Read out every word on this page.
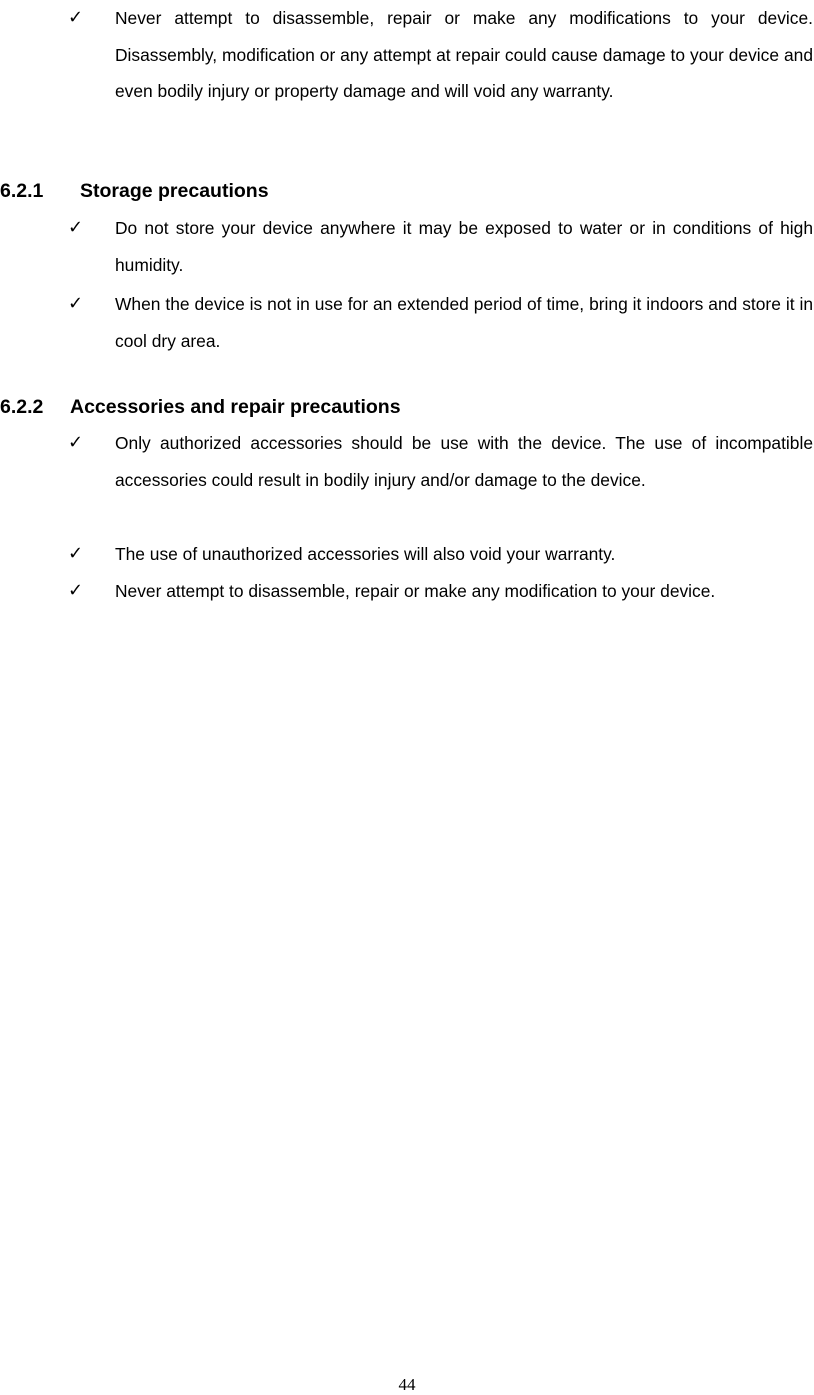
✓ Never attempt to disassemble, repair or make any modifications to your device. Disassembly, modification or any attempt at repair could cause damage to your device and even bodily injury or property damage and will void any warranty.

6.2.1 Storage precautions
✓ Do not store your device anywhere it may be exposed to water or in conditions of high humidity.

✓ When the device is not in use for an extended period of time, bring it indoors and store it in cool dry area.

6.2.2 Accessories and repair precautions
✓ Only authorized accessories should be use with the device. The use of incompatible accessories could result in bodily injury and/or damage to the device.

✓ The use of unauthorized accessories will also void your warranty.

✓ Never attempt to disassemble, repair or make any modification to your device.

44
